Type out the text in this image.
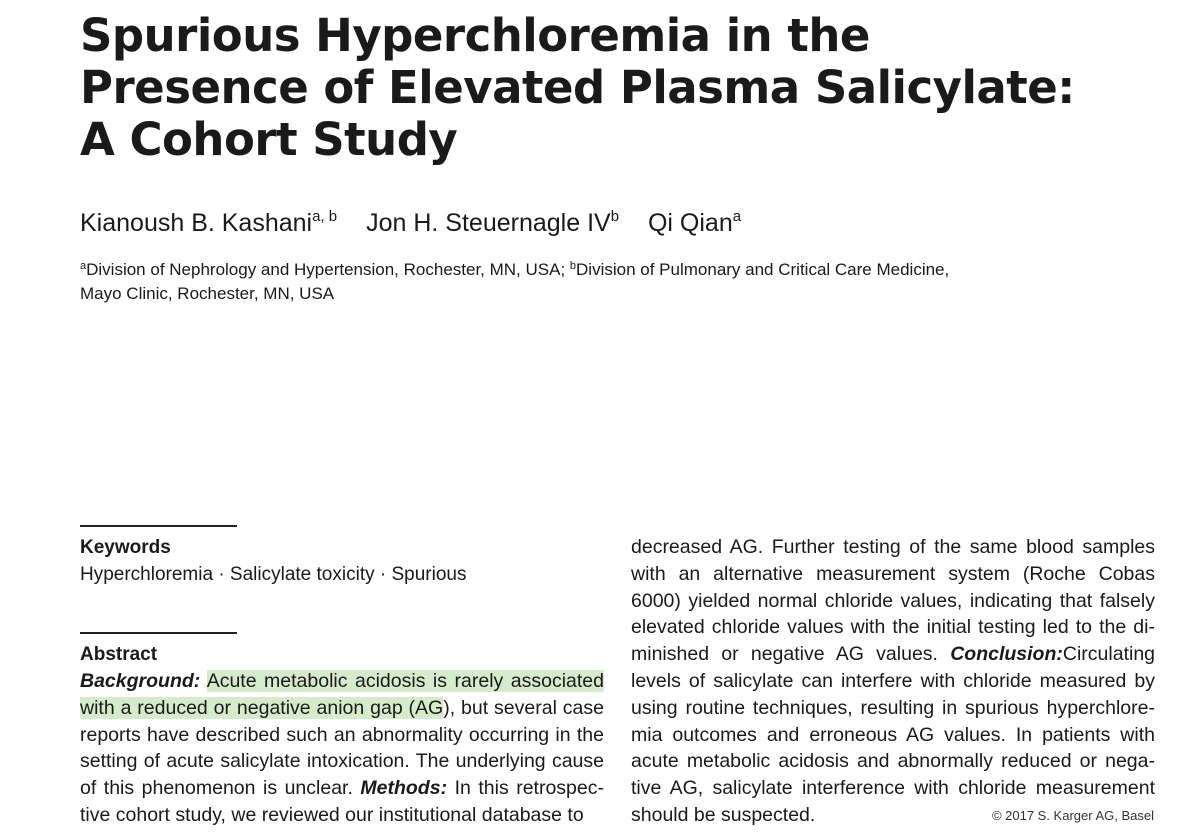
Spurious Hyperchloremia in the
Presence of Elevated Plasma Salicylate:
A Cohort Study
Kianoush B. Kashani$^{a, b}$ Jon H. Steuernagle $IV^b$ Qi Qian$^a$
$^a$Division of Nephrology and Hypertension, Rochester, MN, USA; $^b$Division of Pulmonary and Critical Care Medicine,
Mayo Clinic, Rochester, MN, USA
Keywords
Hyperchloremia · Salicylate toxicity · Spurious
Abstract
Background: Acute metabolic acidosis is rarely associated with a reduced or negative anion gap (AG), but several case reports have described such an abnormality occurring in the setting of acute salicylate intoxication. The underlying cause of this phenomenon is unclear. Methods: In this retrospective cohort study, we reviewed our institutional database to
decreased AG. Further testing of the same blood samples with an alternative measurement system (Roche Cobas 6000) yielded normal chloride values, indicating that falsely elevated chloride values with the initial testing led to the diminished or negative AG values. Conclusion:Circulating levels of salicylate can interfere with chloride measured by using routine techniques, resulting in spurious hyperchloremia outcomes and erroneous AG values. In patients with acute metabolic acidosis and abnormally reduced or negative AG, salicylate interference with chloride measurement should be suspected.	© 2017 S. Karger AG, Basel
